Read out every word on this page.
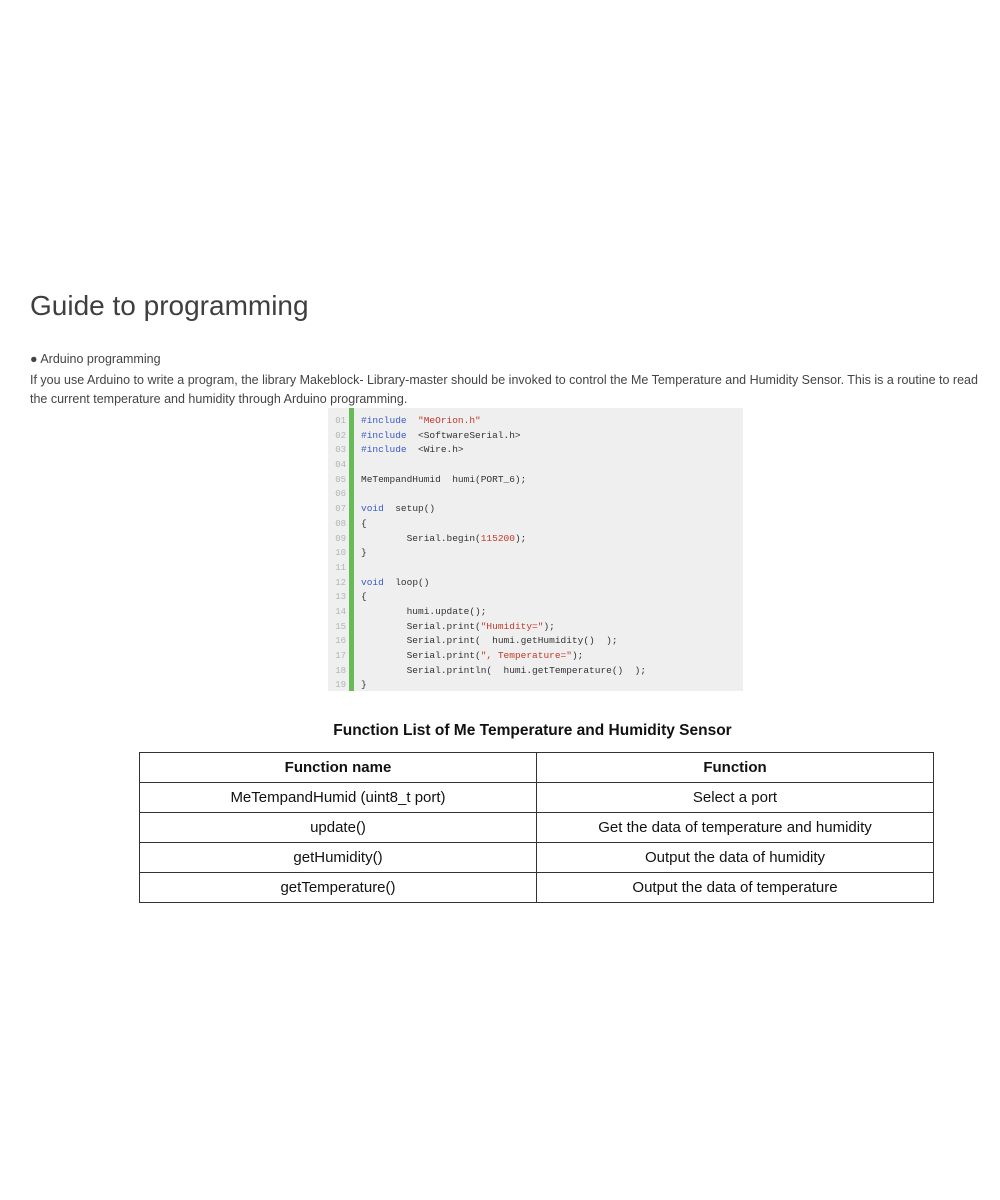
Guide to programming
● Arduino programming
If you use Arduino to write a program, the library Makeblock- Library-master should be invoked to control the Me Temperature and Humidity Sensor. This is a routine to read the current temperature and humidity through Arduino programming.
01
02
03
04
05
06
07
08
09
10
11
12
13
14
15
16
17
18
19
#include "MeOrion.h"
#include  <SoftwareSerial.h>
#include  <Wire.h>

MeTempandHumid  humi(PORT_6);

void  setup()
{
Serial.begin(115200);
}

void  loop()
{
humi.update();
Serial.print("Humidity=");
Serial.print(  humi.getHumidity()  );
Serial.print(", Temperature=");
Serial.println(  humi.getTemperature()  );
}
Function List of Me Temperature and Humidity Sensor
Function name	Function
MeTempandHumid (uint8_t port)	Select a port
update()	Get the data of temperature and humidity
getHumidity()	Output the data of humidity
getTemperature()	Output the data of temperature
